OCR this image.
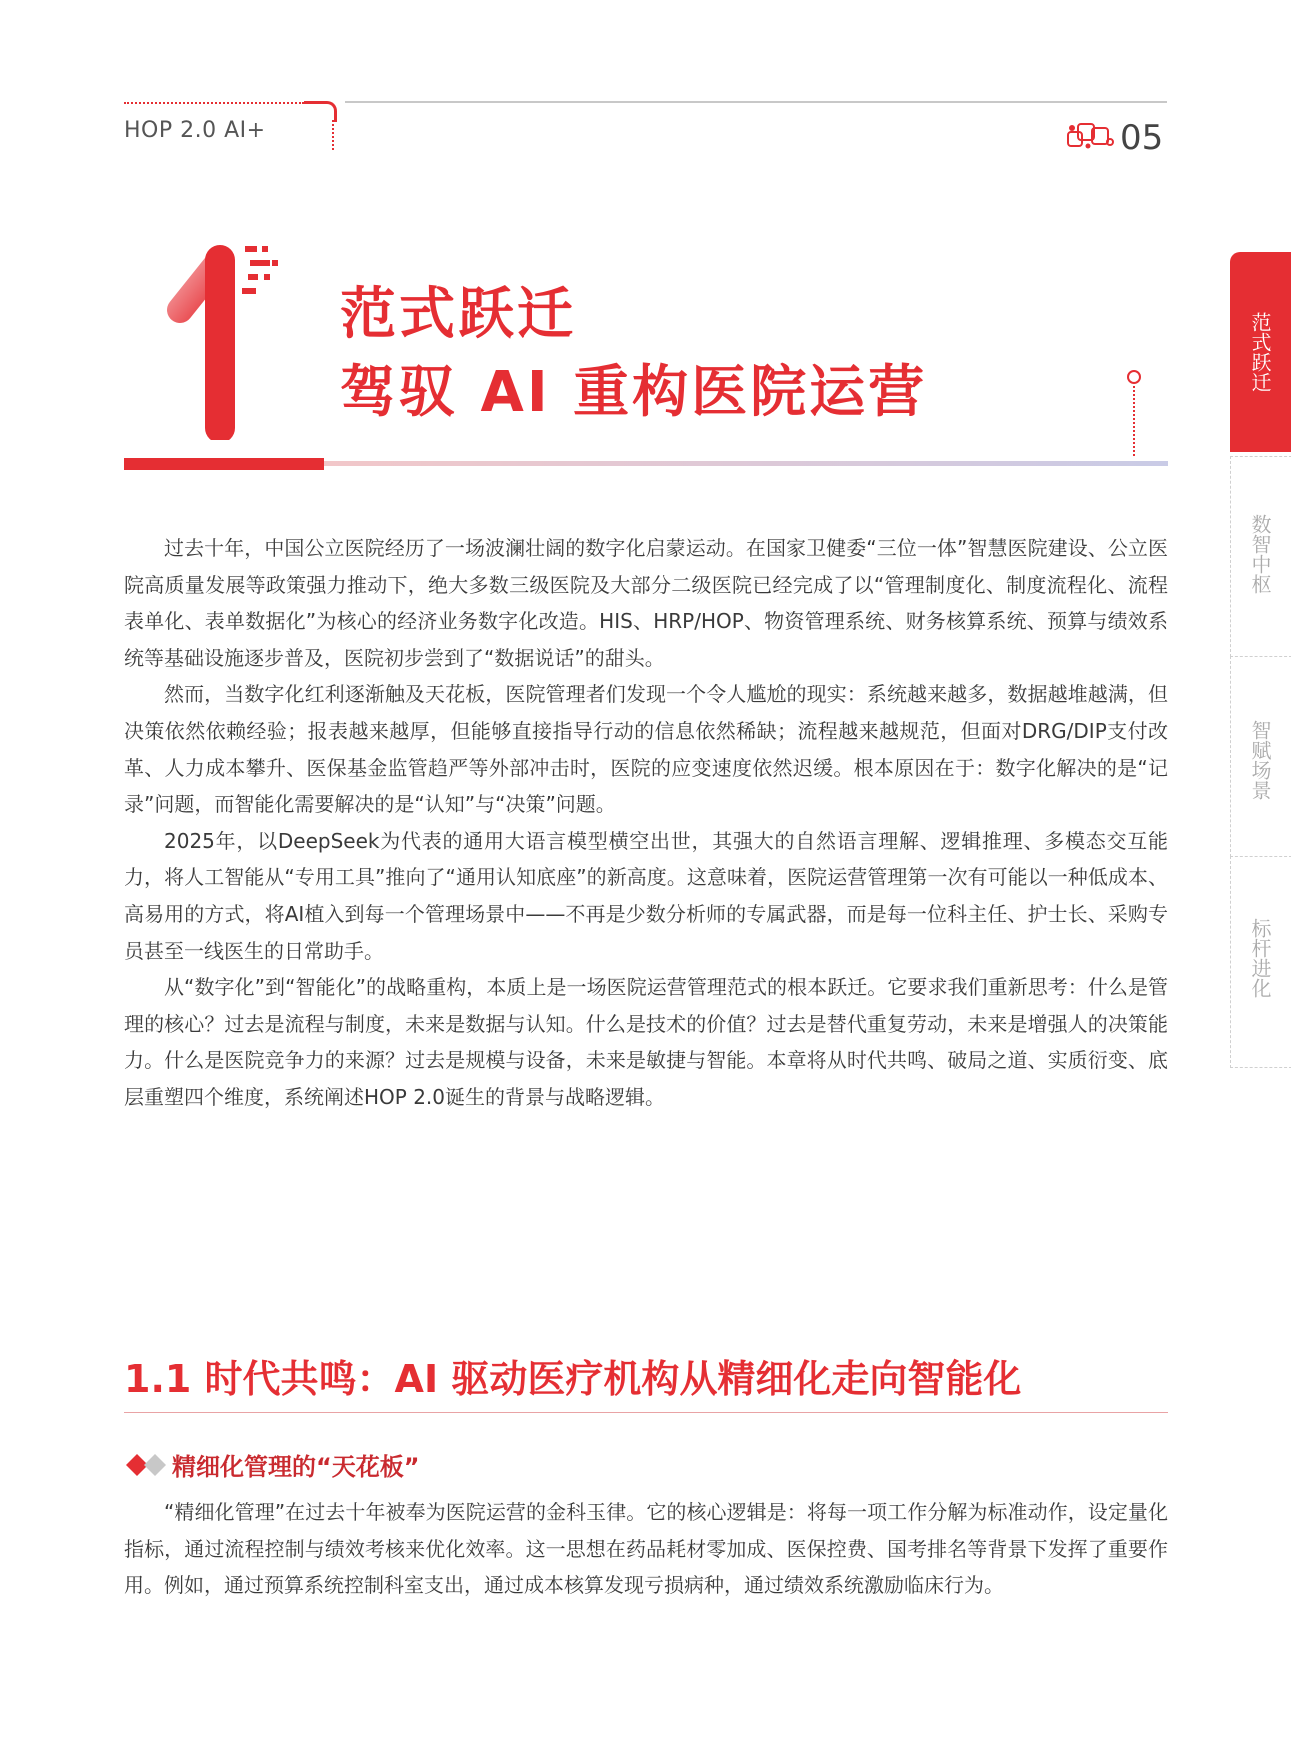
HOP 2.0 AI+	05
范式跃迁
驾驭 AI 重构医院运营
范式跃迁
数智中枢
智赋场景
标杆进化

过去十年，中国公立医院经历了一场波澜壮阔的数字化启蒙运动。在国家卫健委“三位一体”智慧医院建设、公立医院高质量发展等政策强力推动下，绝大多数三级医院及大部分二级医院已经完成了以“管理制度化、制度流程化、流程表单化、表单数据化”为核心的经济业务数字化改造。HIS、HRP/HOP、物资管理系统、财务核算系统、预算与绩效系统等基础设施逐步普及，医院初步尝到了“数据说话”的甜头。

然而，当数字化红利逐渐触及天花板，医院管理者们发现一个令人尴尬的现实：系统越来越多，数据越堆越满，但决策依然依赖经验；报表越来越厚，但能够直接指导行动的信息依然稀缺；流程越来越规范，但面对DRG/DIP支付改革、人力成本攀升、医保基金监管趋严等外部冲击时，医院的应变速度依然迟缓。根本原因在于：数字化解决的是“记录”问题，而智能化需要解决的是“认知”与“决策”问题。

2025年，以DeepSeek为代表的通用大语言模型横空出世，其强大的自然语言理解、逻辑推理、多模态交互能力，将人工智能从“专用工具”推向了“通用认知底座”的新高度。这意味着，医院运营管理第一次有可能以一种低成本、高易用的方式，将AI植入到每一个管理场景中——不再是少数分析师的专属武器，而是每一位科主任、护士长、采购专员甚至一线医生的日常助手。

从“数字化”到“智能化”的战略重构，本质上是一场医院运营管理范式的根本跃迁。它要求我们重新思考：什么是管理的核心？过去是流程与制度，未来是数据与认知。什么是技术的价值？过去是替代重复劳动，未来是增强人的决策能力。什么是医院竞争力的来源？过去是规模与设备，未来是敏捷与智能。本章将从时代共鸣、破局之道、实质衍变、底层重塑四个维度，系统阐述HOP 2.0诞生的背景与战略逻辑。

1.1 时代共鸣：AI 驱动医疗机构从精细化走向智能化
精细化管理的“天花板”

“精细化管理”在过去十年被奉为医院运营的金科玉律。它的核心逻辑是：将每一项工作分解为标准动作，设定量化指标，通过流程控制与绩效考核来优化效率。这一思想在药品耗材零加成、医保控费、国考排名等背景下发挥了重要作用。例如，通过预算系统控制科室支出，通过成本核算发现亏损病种，通过绩效系统激励临床行为。
